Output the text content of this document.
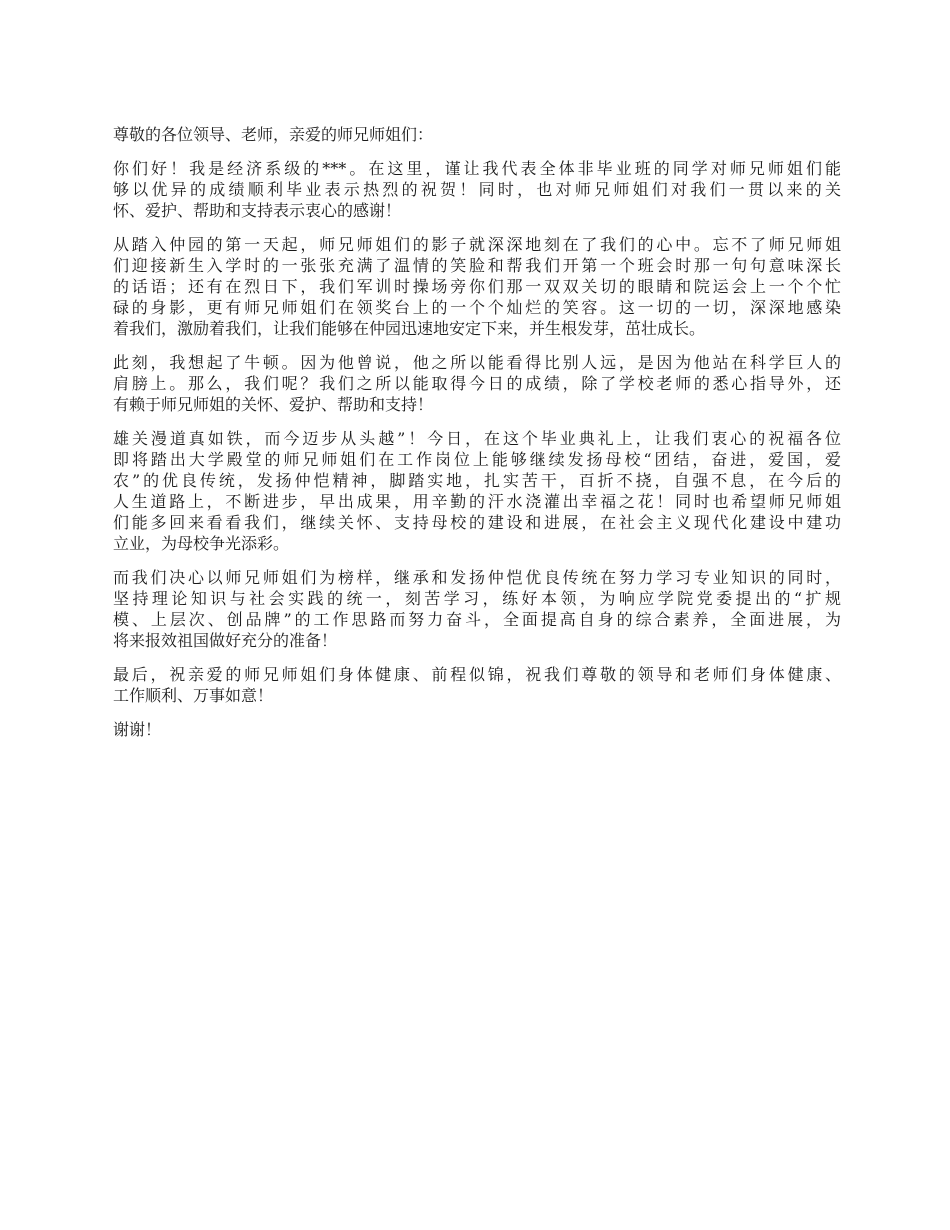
尊敬的各位领导、老师，亲爱的师兄师姐们：

你们好！我是经济系级的***。在这里，谨让我代表全体非毕业班的同学对师兄师姐们能
够以优异的成绩顺利毕业表示热烈的祝贺！同时，也对师兄师姐们对我们一贯以来的关
怀、爱护、帮助和支持表示衷心的感谢！

从踏入仲园的第一天起，师兄师姐们的影子就深深地刻在了我们的心中。忘不了师兄师姐
们迎接新生入学时的一张张充满了温情的笑脸和帮我们开第一个班会时那一句句意味深长
的话语；还有在烈日下，我们军训时操场旁你们那一双双关切的眼睛和院运会上一个个忙
碌的身影，更有师兄师姐们在领奖台上的一个个灿烂的笑容。这一切的一切，深深地感染
着我们，激励着我们，让我们能够在仲园迅速地安定下来，并生根发芽，茁壮成长。

此刻，我想起了牛顿。因为他曾说，他之所以能看得比别人远，是因为他站在科学巨人的
肩膀上。那么，我们呢？我们之所以能取得今日的成绩，除了学校老师的悉心指导外，还
有赖于师兄师姐的关怀、爱护、帮助和支持！

雄关漫道真如铁，而今迈步从头越”！今日，在这个毕业典礼上，让我们衷心的祝福各位
即将踏出大学殿堂的师兄师姐们在工作岗位上能够继续发扬母校“团结，奋进，爱国，爱
农”的优良传统，发扬仲恺精神，脚踏实地，扎实苦干，百折不挠，自强不息，在今后的
人生道路上，不断进步，早出成果，用辛勤的汗水浇灌出幸福之花！同时也希望师兄师姐
们能多回来看看我们，继续关怀、支持母校的建设和进展，在社会主义现代化建设中建功
立业，为母校争光添彩。

而我们决心以师兄师姐们为榜样，继承和发扬仲恺优良传统在努力学习专业知识的同时，
坚持理论知识与社会实践的统一，刻苦学习，练好本领，为响应学院党委提出的“扩规
模、上层次、创品牌”的工作思路而努力奋斗，全面提高自身的综合素养，全面进展，为
将来报效祖国做好充分的准备！

最后，祝亲爱的师兄师姐们身体健康、前程似锦，祝我们尊敬的领导和老师们身体健康、
工作顺利、万事如意！

谢谢！
